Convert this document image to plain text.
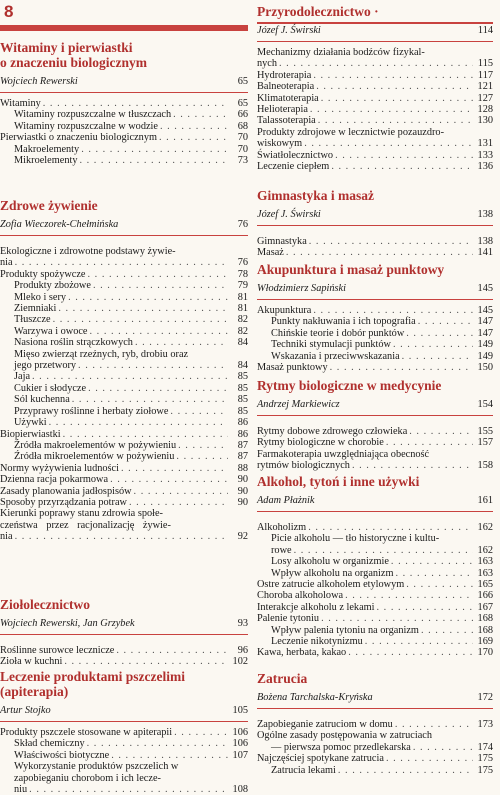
8
Witaminy i pierwiastki
o znaczeniu biologicznym
Wojciech Rewerski	65
Witaminy . . .	65
Witaminy rozpuszczalne w tłuszczach . . .	66
Witaminy rozpuszczalne w wodzie . . .	68
Pierwiastki o znaczeniu biologicznym . . .	70
Makroelementy . . .	70
Mikroelementy . . .	73
Zdrowe żywienie
Zofia Wieczorek-Chełmińska	76
Ekologiczne i zdrowotne podstawy żywie-
nia . . .	76
Produkty spożywcze . . .	78
Produkty zbożowe . . .	79
Mleko i sery . . .	81
Ziemniaki . . .	81
Tłuszcze . . .	82
Warzywa i owoce . . .	82
Nasiona roślin strączkowych . . .	84
Mięso zwierząt rzeźnych, ryb, drobiu oraz
jego przetwory . . .	84
Jaja . . .	85
Cukier i słodycze . . .	85
Sól kuchenna . . .	85
Przyprawy roślinne i herbaty ziołowe . . .	85
Używki . . .	86
Biopierwiastki . . .	86
Źródła makroelementów w pożywieniu . . .	87
Źródła mikroelementów w pożywieniu . . .	87
Normy wyżywienia ludności . . .	88
Dzienna racja pokarmowa . . .	90
Zasady planowania jadłospisów . . .	90
Sposoby przyrządzania potraw . . .	90
Kierunki poprawy stanu zdrowia społe-
czeństwa przez racjonalizację żywie-
nia . . .	92
Ziołolecznictwo
Wojciech Rewerski, Jan Grzybek	93
Roślinne surowce lecznicze . . .	96
Zioła w kuchni . . .	102
Leczenie produktami pszczelimi
(apiterapia)
Artur Stojko	105
Produkty pszczele stosowane w apiterapii . . .	106
Skład chemiczny . . .	106
Właściwości biotyczne . . .	107
Wykorzystanie produktów pszczelich w
zapobieganiu chorobom i ich lecze-
niu . . .	108
Przyrodolecznictwo ·
Józef J. Świrski	114
Mechanizmy działania bodźców fizykal-
nych . . .	115
Hydroterapia . . .	117
Balneoterapia . . .	121
Klimatoterapia . . .	127
Helioterapia . . .	128
Talassoterapia . . .	130
Produkty zdrojowe w lecznictwie pozauzdro-
wiskowym . . .	131
Światłolecznictwo . . .	133
Leczenie ciepłem . . .	136
Gimnastyka i masaż
Józef J. Świrski	138
Gimnastyka . . .	138
Masaż . . .	141
Akupunktura i masaż punktowy
Włodzimierz Sapiński	145
Akupunktura . . .	145
Punkty nakłuwania i ich topografia . . .	147
Chińskie teorie i dobór punktów . . .	147
Techniki stymulacji punktów . . .	149
Wskazania i przeciwwskazania . . .	149
Masaż punktowy . . .	150
Rytmy biologiczne w medycynie
Andrzej Markiewicz	154
Rytmy dobowe zdrowego człowieka . . .	155
Rytmy biologiczne w chorobie . . .	157
Farmakoterapia uwzględniająca obecność
rytmów biologicznych . . .	158
Alkohol, tytoń i inne używki
Adam Płażnik	161
Alkoholizm . . .	162
Picie alkoholu — tło historyczne i kultu-
rowe . . .	162
Losy alkoholu w organizmie . . .	163
Wpływ alkoholu na organizm . . .	163
Ostre zatrucie alkoholem etylowym . . .	165
Choroba alkoholowa . . .	166
Interakcje alkoholu z lekami . . .	167
Palenie tytoniu . . .	168
Wpływ palenia tytoniu na organizm . . .	168
Leczenie nikotynizmu . . .	169
Kawa, herbata, kakao . . .	170
Zatrucia
Bożena Tarchalska-Kryńska	172
Zapobieganie zatruciom w domu . . .	173
Ogólne zasady postępowania w zatruciach
— pierwsza pomoc przedlekarska . . .	174
Najczęściej spotykane zatrucia . . .	175
Zatrucia lekami . . .	175
